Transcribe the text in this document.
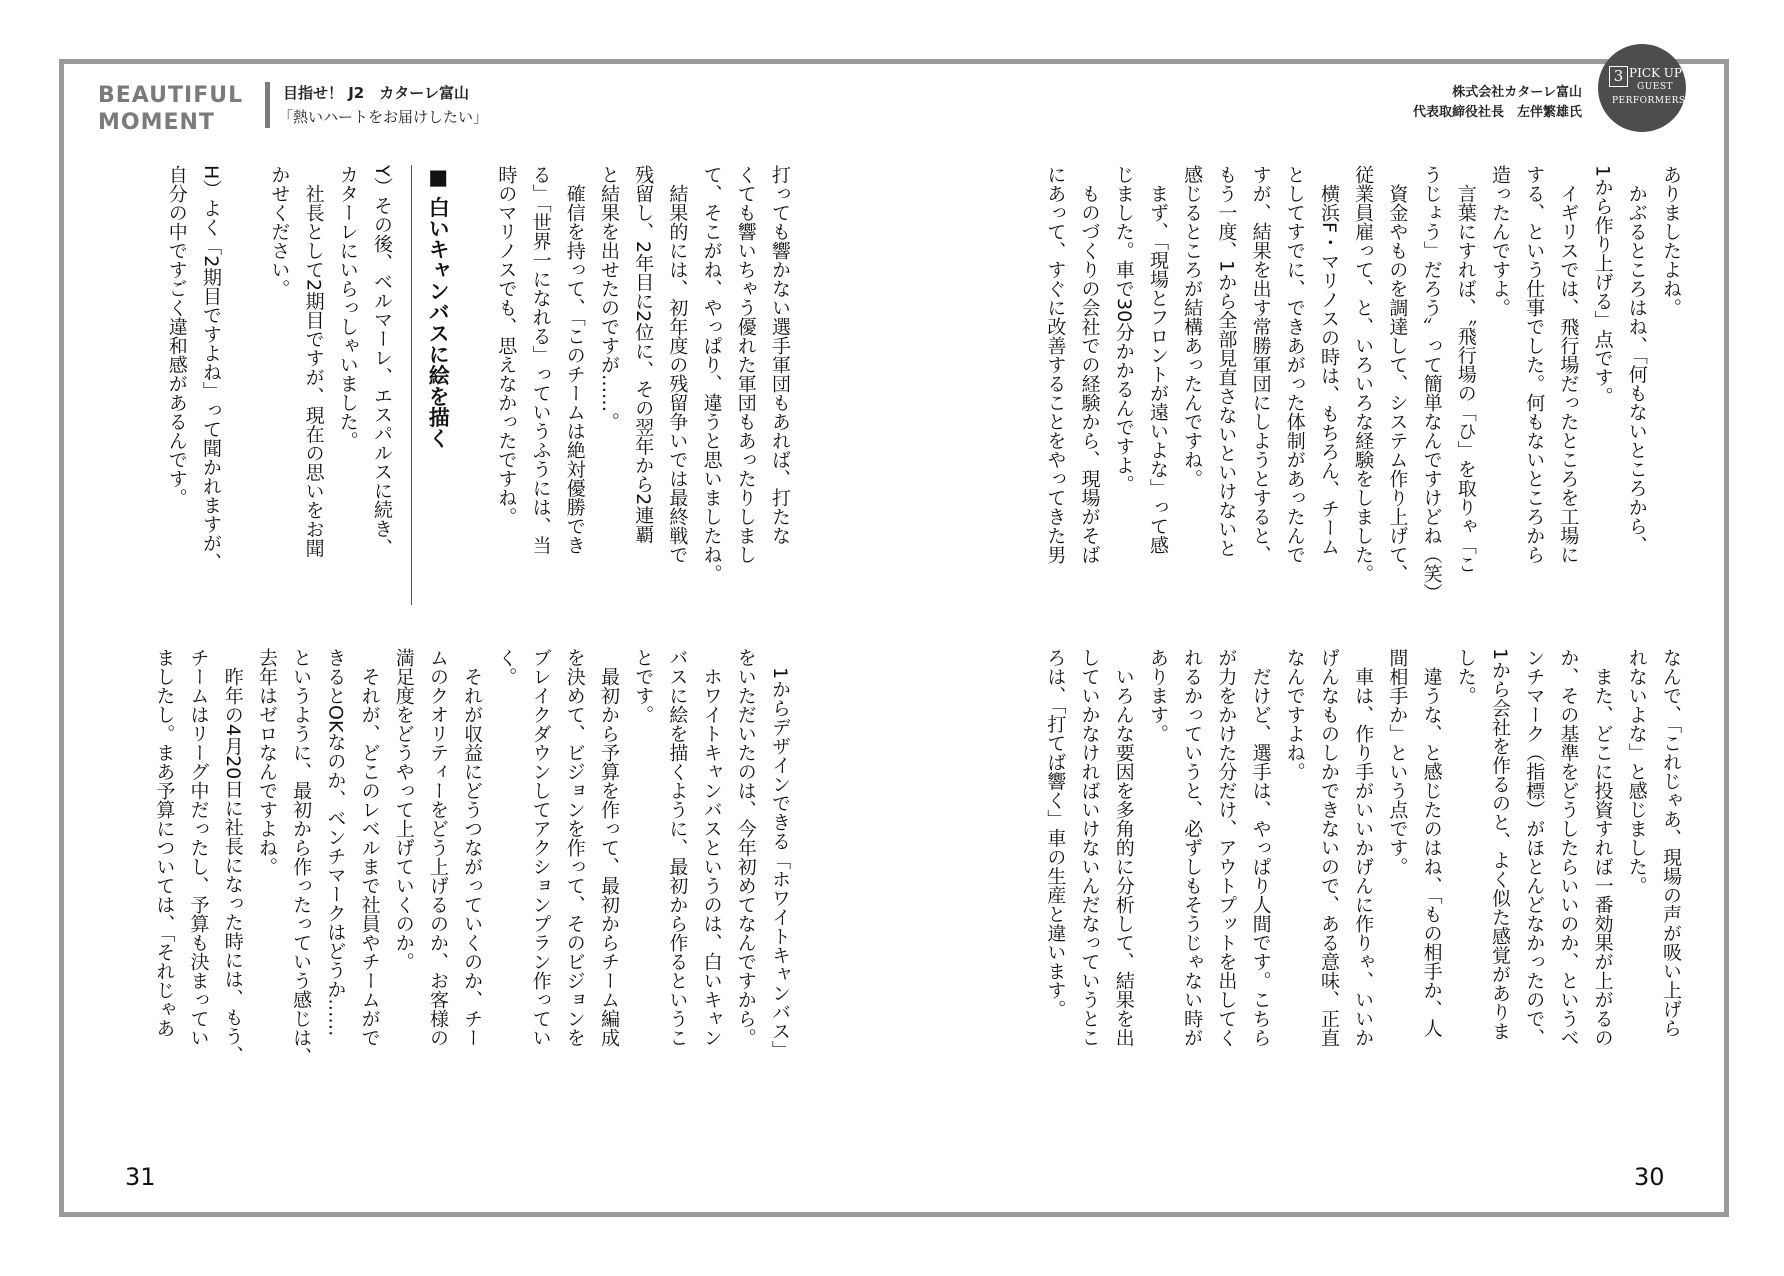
BEAUTIFUL
MOMENT
目指せ！ J2　カターレ富山
「熱いハートをお届けしたい」
株式会社カターレ富山
代表取締役社長　左伴繁雄氏
3 PICK UP
GUEST
PERFORMERS
ありましたよね。
　かぶるところはね、「何もないところから、
1から作り上げる」点です。
　イギリスでは、飛行場だったところを工場に
する、という仕事でした。何もないところから
造ったんですよ。
　言葉にすれば、〝飛行場の「ひ」を取りゃ「こ
うじょう」だろう〟って簡単なんですけどね（笑）
　資金やものを調達して、システム作り上げて、
従業員雇って、と、いろいろな経験をしました。
　横浜F・マリノスの時は、もちろん、チーム
としてすでに、できあがった体制があったんで
すが、結果を出す常勝軍団にしようとすると、
もう一度、1から全部見直さないといけないと
感じるところが結構あったんですね。
　まず、「現場とフロントが遠いよな」って感
じました。車で30分かかるんですよ。
　ものづくりの会社での経験から、現場がそば
にあって、すぐに改善することをやってきた男
なんで、「これじゃあ、現場の声が吸い上げら
れないよな」と感じました。
　また、どこに投資すれば一番効果が上がるの
か、その基準をどうしたらいいのか、というベ
ンチマーク（指標）がほとんどなかったので、
1から会社を作るのと、よく似た感覚がありま
した。
　違うな、と感じたのはね、「もの相手か、人
間相手か」という点です。
　車は、作り手がいいかげんに作りゃ、いいか
げんなものしかできないので、ある意味、正直
なんですよね。
　だけど、選手は、やっぱり人間です。こちら
が力をかけた分だけ、アウトプットを出してく
れるかっていうと、必ずしもそうじゃない時が
あります。
　いろんな要因を多角的に分析して、結果を出
していかなければいけないんだなっていうとこ
ろは、「打てば響く」車の生産と違います。
打っても響かない選手軍団もあれば、打たな
くても響いちゃう優れた軍団もあったりしまし
て、そこがね、やっぱり、違うと思いましたね。
　結果的には、初年度の残留争いでは最終戦で
残留し、2年目に2位に、その翌年から2連覇
と結果を出せたのですが……。
　確信を持って、「このチームは絶対優勝でき
る」「世界一になれる」っていうふうには、当
時のマリノスでも、思えなかったですね。
■ 白いキャンバスに絵を描く
Y）その後、ベルマーレ、エスパルスに続き、
カターレにいらっしゃいました。
　社長として2期目ですが、現在の思いをお聞
かせください。

H）よく「2期目ですよね」って聞かれますが、
自分の中ですごく違和感があるんです。
　1からデザインできる「ホワイトキャンバス」
をいただいたのは、今年初めてなんですから。
　ホワイトキャンバスというのは、白いキャン
バスに絵を描くように、最初から作るというこ
とです。
　最初から予算を作って、最初からチーム編成
を決めて、ビジョンを作って、そのビジョンを
ブレイクダウンしてアクションプラン作ってい
く。
　それが収益にどうつながっていくのか、チー
ムのクオリティーをどう上げるのか、お客様の
満足度をどうやって上げていくのか。
　それが、どこのレベルまで社員やチームがで
きるとOKなのか、ベンチマークはどうか……
というように、最初から作ったっていう感じは、
去年はゼロなんですよね。
　昨年の4月20日に社長になった時には、もう、
チームはリーグ中だったし、予算も決まってい
ましたし。まあ予算については、「それじゃあ
31	30
